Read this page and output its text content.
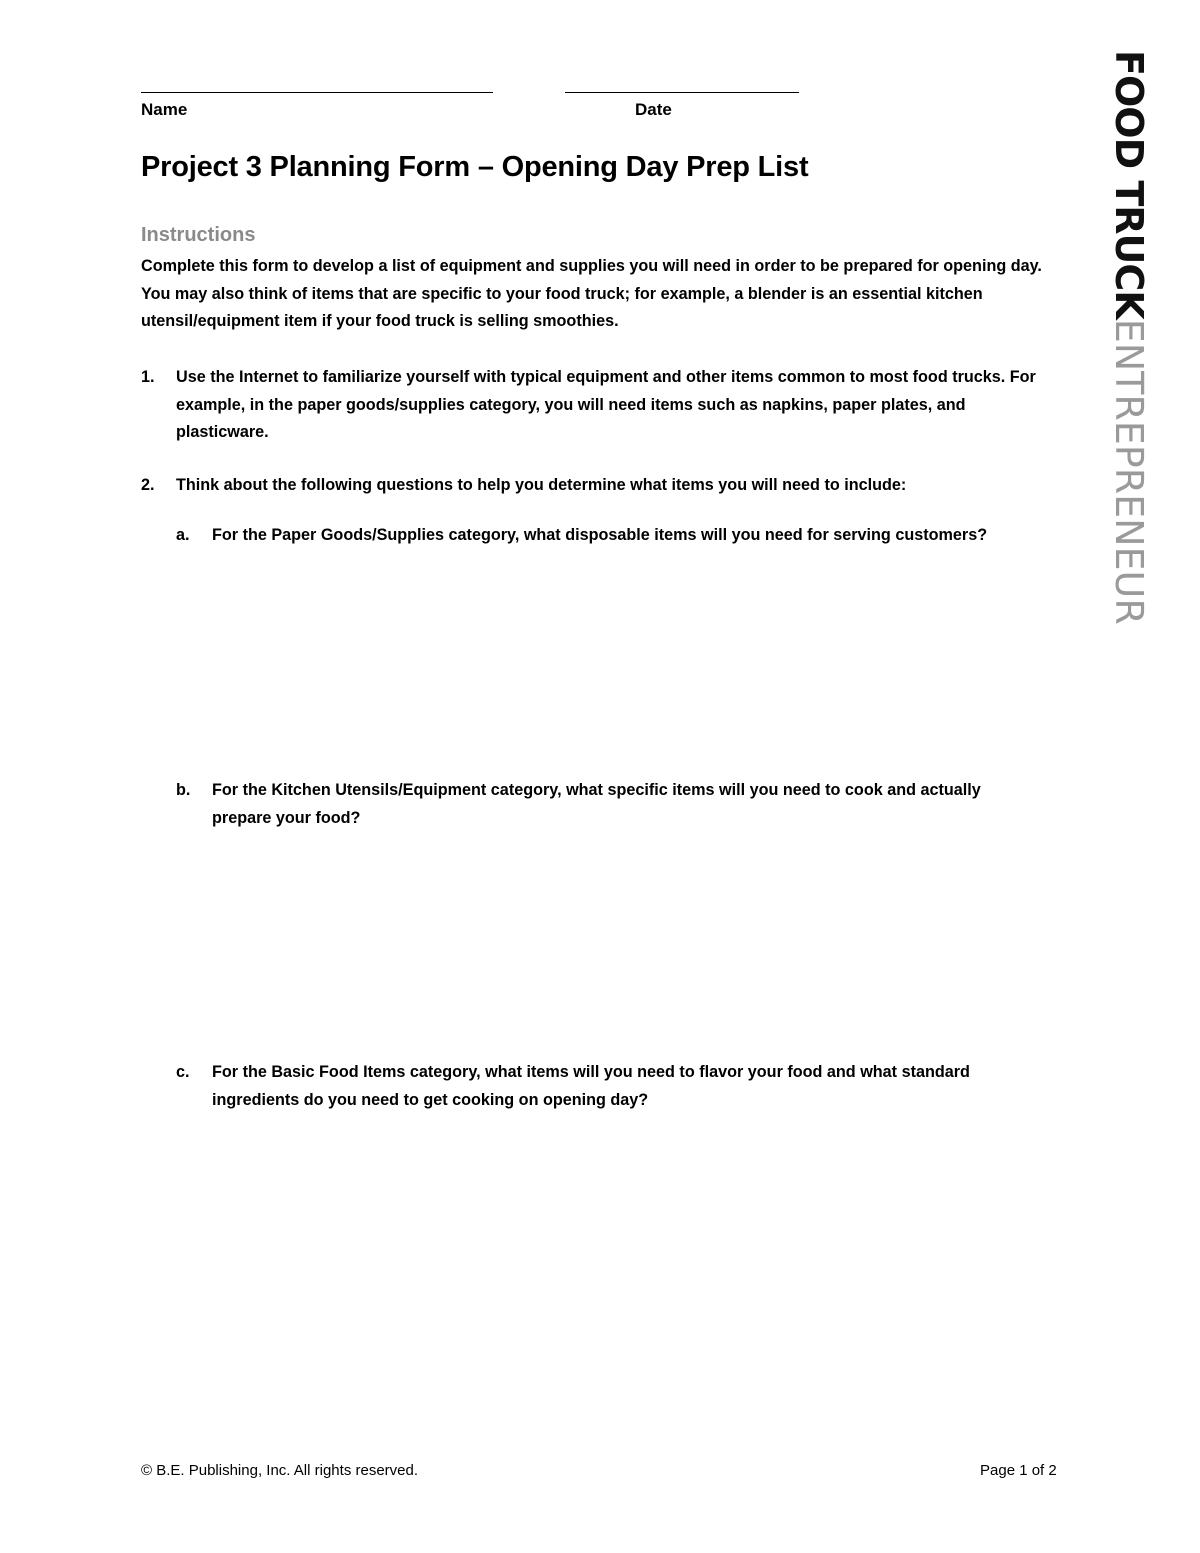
Name	Date
Project 3 Planning Form – Opening Day Prep List
Instructions

Complete this form to develop a list of equipment and supplies you will need in order to be prepared for opening day. You may also think of items that are specific to your food truck; for example, a blender is an essential kitchen utensil/equipment item if your food truck is selling smoothies.

1. Use the Internet to familiarize yourself with typical equipment and other items common to most food trucks. For example, in the paper goods/supplies category, you will need items such as napkins, paper plates, and plasticware.
2. Think about the following questions to help you determine what items you will need to include:
a. For the Paper Goods/Supplies category, what disposable items will you need for serving customers?
b. For the Kitchen Utensils/Equipment category, what specific items will you need to cook and actually prepare your food?
c. For the Basic Food Items category, what items will you need to flavor your food and what standard ingredients do you need to get cooking on opening day?
© B.E. Publishing, Inc. All rights reserved.	Page 1 of 2
FOOD TRUCKENTREPRENEUR
